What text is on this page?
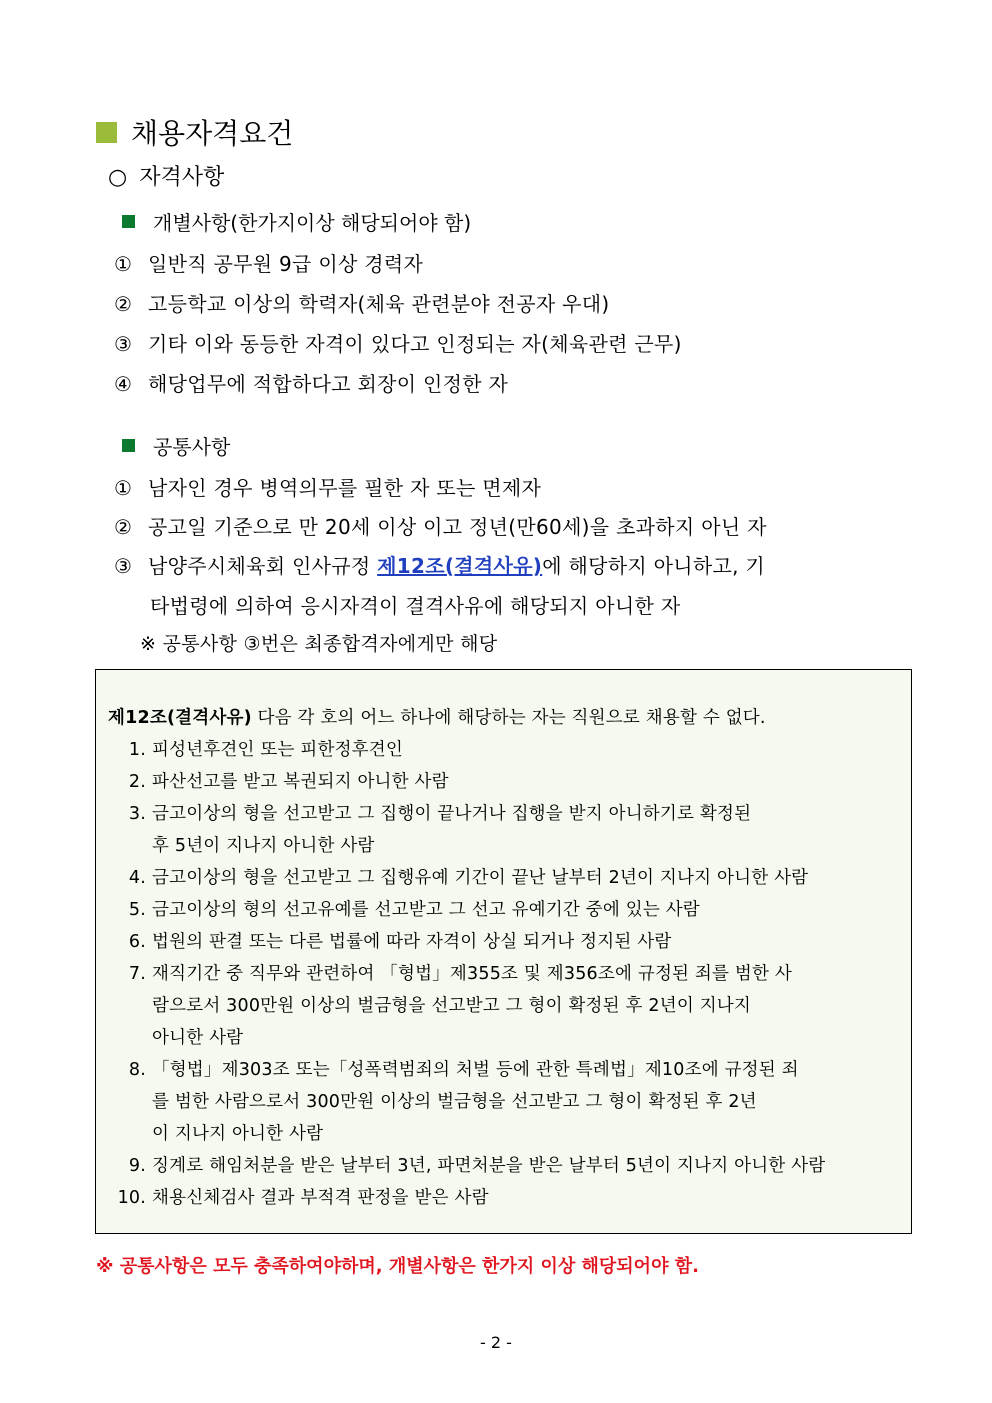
채용자격요건
○ 자격사항
개별사항(한가지이상 해당되어야 함)
① 일반직 공무원 9급 이상 경력자
② 고등학교 이상의 학력자(체육 관련분야 전공자 우대)
③ 기타 이와 동등한 자격이 있다고 인정되는 자(체육관련 근무)
④ 해당업무에 적합하다고 회장이 인정한 자
공통사항
① 남자인 경우 병역의무를 필한 자 또는 면제자
② 공고일 기준으로 만 20세 이상 이고 정년(만60세)을 초과하지 아닌 자
③ 남양주시체육회 인사규정 제12조(결격사유)에 해당하지 아니하고, 기
타법령에 의하여 응시자격이 결격사유에 해당되지 아니한 자
※ 공통사항 ③번은 최종합격자에게만 해당
제12조(결격사유) 다음 각 호의 어느 하나에 해당하는 자는 직원으로 채용할 수 없다.
1. 피성년후견인 또는 피한정후견인
2. 파산선고를 받고 복권되지 아니한 사람
3. 금고이상의 형을 선고받고 그 집행이 끝나거나 집행을 받지 아니하기로 확정된
후 5년이 지나지 아니한 사람
4. 금고이상의 형을 선고받고 그 집행유예 기간이 끝난 날부터 2년이 지나지 아니한 사람
5. 금고이상의 형의 선고유예를 선고받고 그 선고 유예기간 중에 있는 사람
6. 법원의 판결 또는 다른 법률에 따라 자격이 상실 되거나 정지된 사람
7. 재직기간 중 직무와 관련하여 「형법」제355조 및 제356조에 규정된 죄를 범한 사
람으로서 300만원 이상의 벌금형을 선고받고 그 형이 확정된 후 2년이 지나지
아니한 사람
8. 「형법」제303조 또는「성폭력범죄의 처벌 등에 관한 특례법」제10조에 규정된 죄
를 범한 사람으로서 300만원 이상의 벌금형을 선고받고 그 형이 확정된 후 2년
이 지나지 아니한 사람
9. 징계로 해임처분을 받은 날부터 3년, 파면처분을 받은 날부터 5년이 지나지 아니한 사람
10. 채용신체검사 결과 부적격 판정을 받은 사람
※ 공통사항은 모두 충족하여야하며, 개별사항은 한가지 이상 해당되어야 함.
- 2 -
